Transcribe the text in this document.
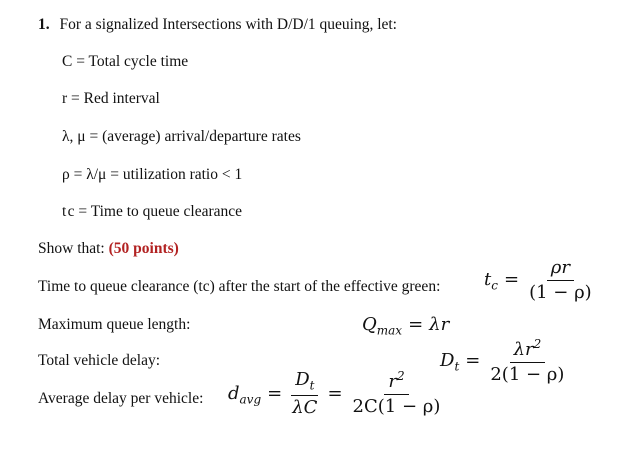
1. For a signalized Intersections with D/D/1 queuing, let:
C = Total cycle time
r = Red interval
λ, μ = (average) arrival/departure rates
ρ = λ/μ = utilization ratio < 1
t c = Time to queue clearance
Show that: (50 points)
Time to queue clearance (tc) after the start of the effective green: $t_c = \frac{\rho r}{(1 - \rho)}$
Maximum queue length:	$Q_{max} = \lambda r$
Total vehicle delay:	$D_t = \frac{\lambda r^2}{2(1 - \rho)}$
Average delay per vehicle: $d_{avg} = \frac{D_t}{\lambda C} = \frac{r^2}{2C(1 - \rho)}$
